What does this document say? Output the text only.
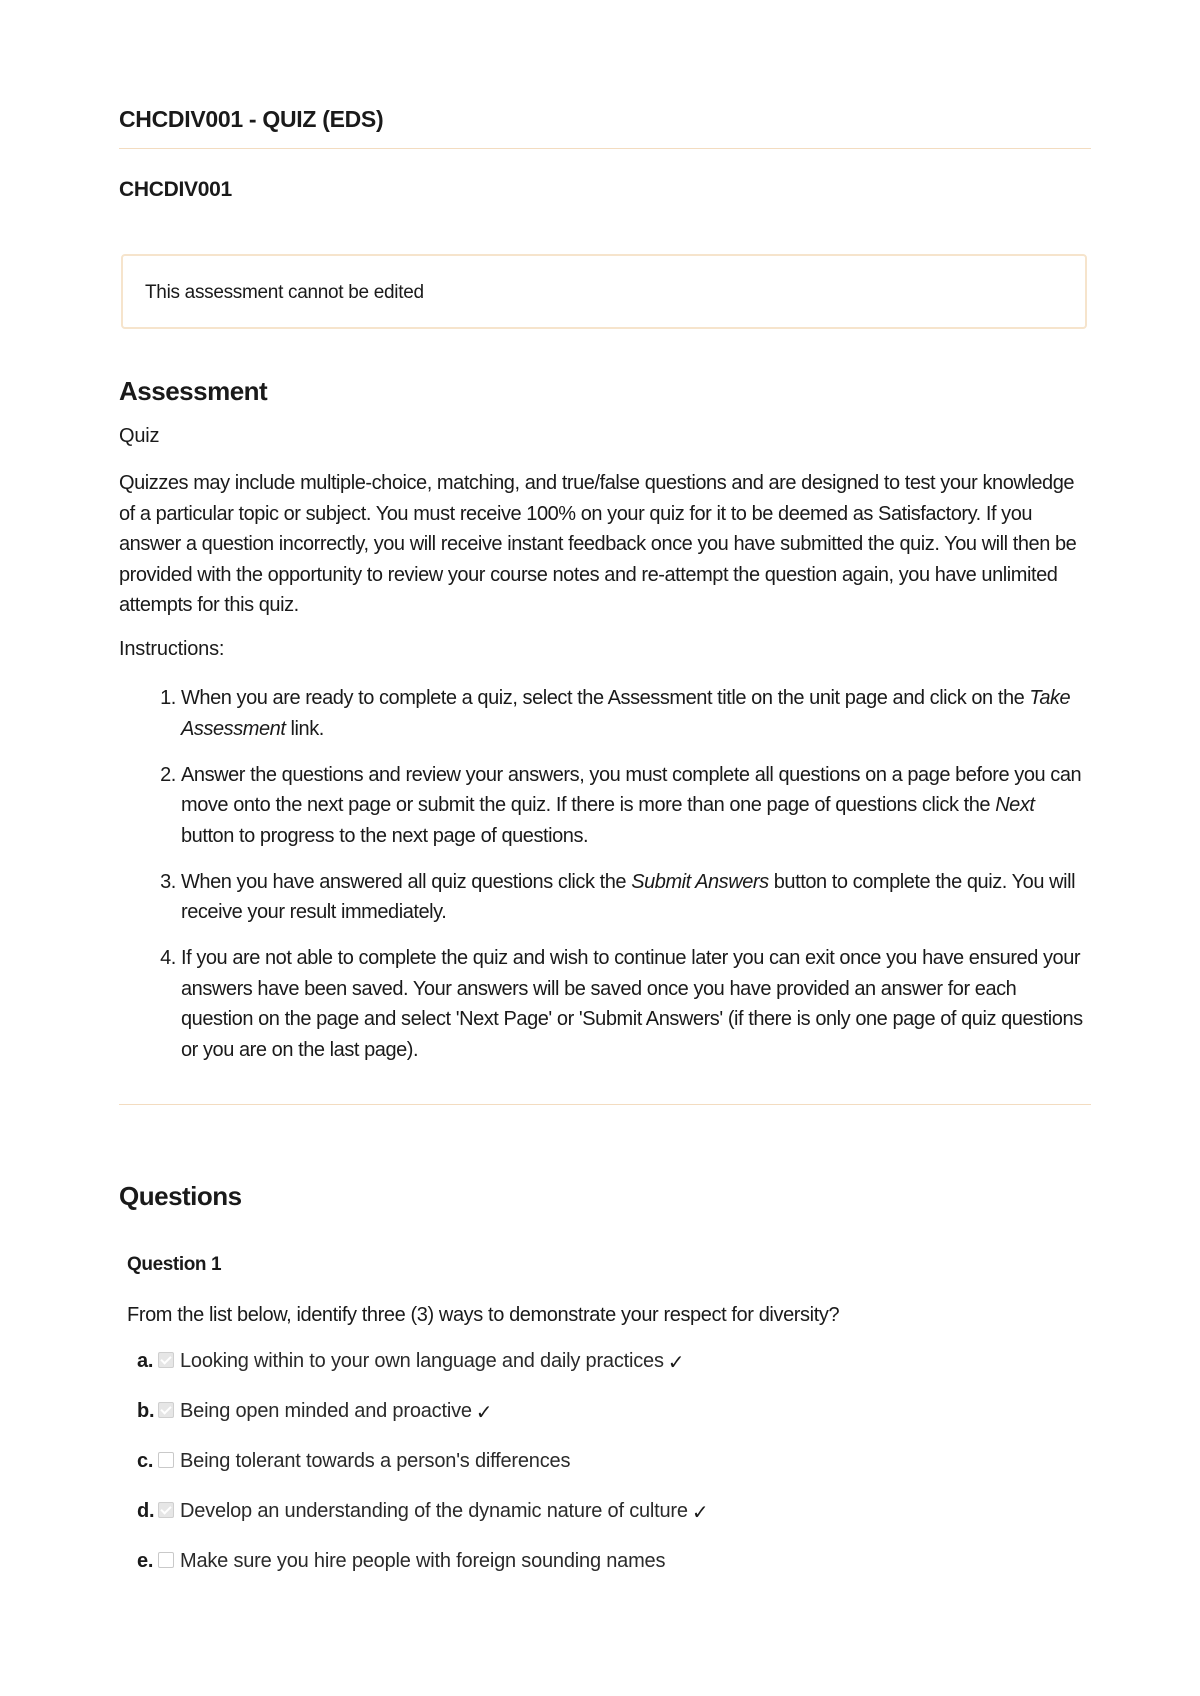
CHCDIV001 - QUIZ (EDS)
CHCDIV001
This assessment cannot be edited
Assessment
Quiz

Quizzes may include multiple-choice, matching, and true/false questions and are designed to test your knowledge of a particular topic or subject. You must receive 100% on your quiz for it to be deemed as Satisfactory. If you answer a question incorrectly, you will receive instant feedback once you have submitted the quiz. You will then be provided with the opportunity to review your course notes and re-attempt the question again, you have unlimited attempts for this quiz.

Instructions:
1. When you are ready to complete a quiz, select the Assessment title on the unit page and click on the Take Assessment link.
2. Answer the questions and review your answers, you must complete all questions on a page before you can move onto the next page or submit the quiz. If there is more than one page of questions click the Next button to progress to the next page of questions.
3. When you have answered all quiz questions click the Submit Answers button to complete the quiz. You will receive your result immediately.
4. If you are not able to complete the quiz and wish to continue later you can exit once you have ensured your answers have been saved. Your answers will be saved once you have provided an answer for each question on the page and select 'Next Page' or 'Submit Answers' (if there is only one page of quiz questions or you are on the last page).
Questions
Question 1
From the list below, identify three (3) ways to demonstrate your respect for diversity?
a. Looking within to your own language and daily practices ✓
b. Being open minded and proactive ✓
c. Being tolerant towards a person's differences
d. Develop an understanding of the dynamic nature of culture ✓
e. Make sure you hire people with foreign sounding names
